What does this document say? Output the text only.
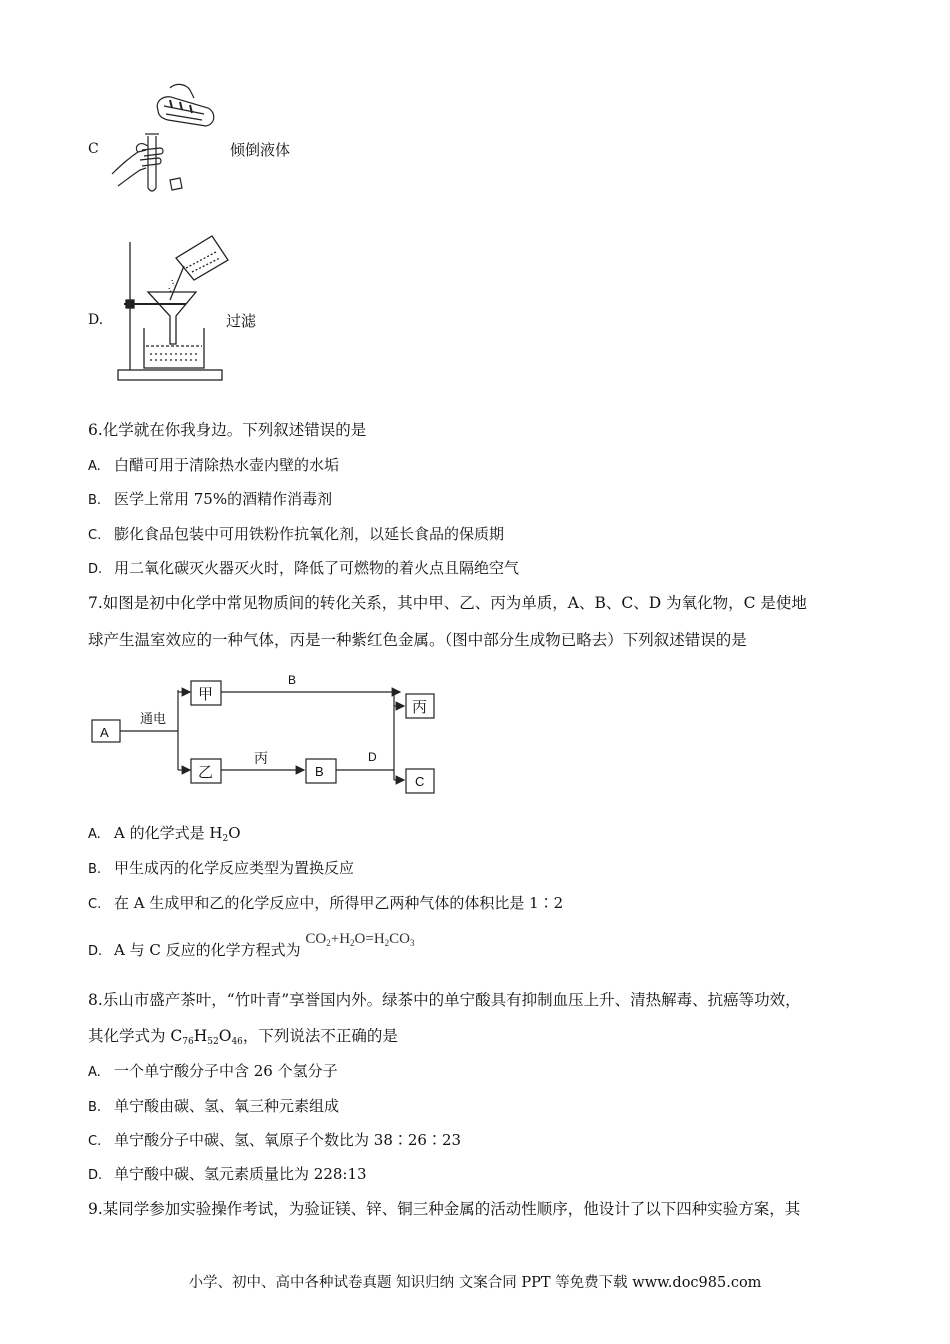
C	倾倒液体
D.	过滤
6.化学就在你我身边。下列叙述错误的是
A. 白醋可用于清除热水壶内壁的水垢
B. 医学上常用 75%的酒精作消毒剂
C. 膨化食品包装中可用铁粉作抗氧化剂，以延长食品的保质期
D. 用二氧化碳灭火器灭火时，降低了可燃物的着火点且隔绝空气
7.如图是初中化学中常见物质间的转化关系，其中甲、乙、丙为单质，A、B、C、D 为氧化物，C 是使地
球产生温室效应的一种气体，丙是一种紫红色金属。（图中部分生成物已略去）下列叙述错误的是
A
通电
甲
乙
B
丙
B
D
丙
C
A. A 的化学式是 $H_2O$
B. 甲生成丙的化学反应类型为置换反应
C. 在 A 生成甲和乙的化学反应中，所得甲乙两种气体的体积比是 1∶2
D. A 与 C 反应的化学方程式为 $CO_2+H_2O=H_2CO_3$
8.乐山市盛产茶叶，“竹叶青”享誉国内外。绿茶中的单宁酸具有抑制血压上升、清热解毒、抗癌等功效，
其化学式为 $C_{76}H_{52}O_{46}$，下列说法不正确的是
A. 一个单宁酸分子中含 26 个氢分子
B. 单宁酸由碳、氢、氧三种元素组成
C. 单宁酸分子中碳、氢、氧原子个数比为 38∶26∶23
D. 单宁酸中碳、氢元素质量比为 228:13
9.某同学参加实验操作考试，为验证镁、锌、铜三种金属的活动性顺序，他设计了以下四种实验方案，其
小学、初中、高中各种试卷真题 知识归纳 文案合同 PPT 等免费下载 www.doc985.com
